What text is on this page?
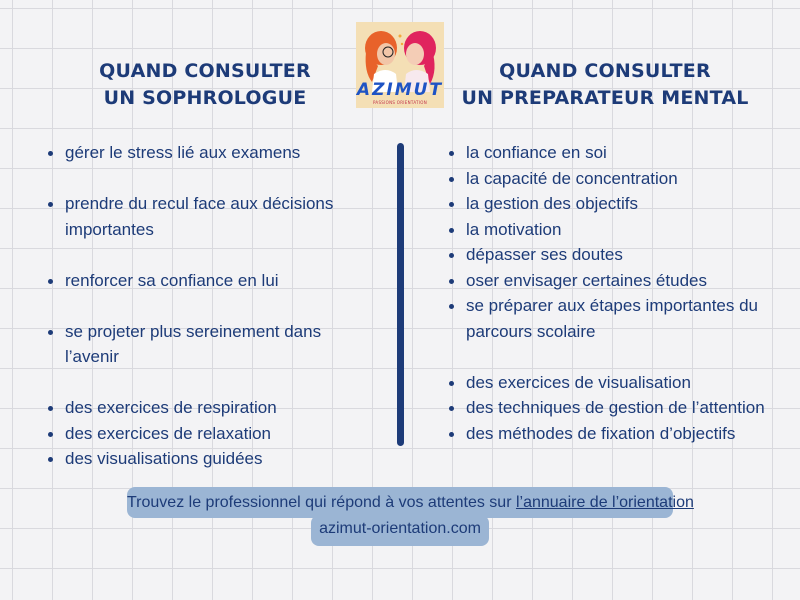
QUAND CONSULTER
UN SOPHROLOGUE	AZIMUT
PASSIONS ORIENTATION
QUAND CONSULTER
UN PREPARATEUR MENTAL
gérer le stress lié aux examens
prendre du recul face aux décisions importantes
renforcer sa confiance en lui
se projeter plus sereinement dans l’avenir
des exercices de respiration
des exercices de relaxation
des visualisations guidées
la confiance en soi
la capacité de concentration
la gestion des objectifs
la motivation
dépasser ses doutes
oser envisager certaines études
se préparer aux étapes importantes du parcours scolaire
des exercices de visualisation
des techniques de gestion de l’attention
des méthodes de fixation d’objectifs
azimut-orientation.com
Trouvez le professionnel qui répond à vos attentes sur l’annuaire de l’orientation
